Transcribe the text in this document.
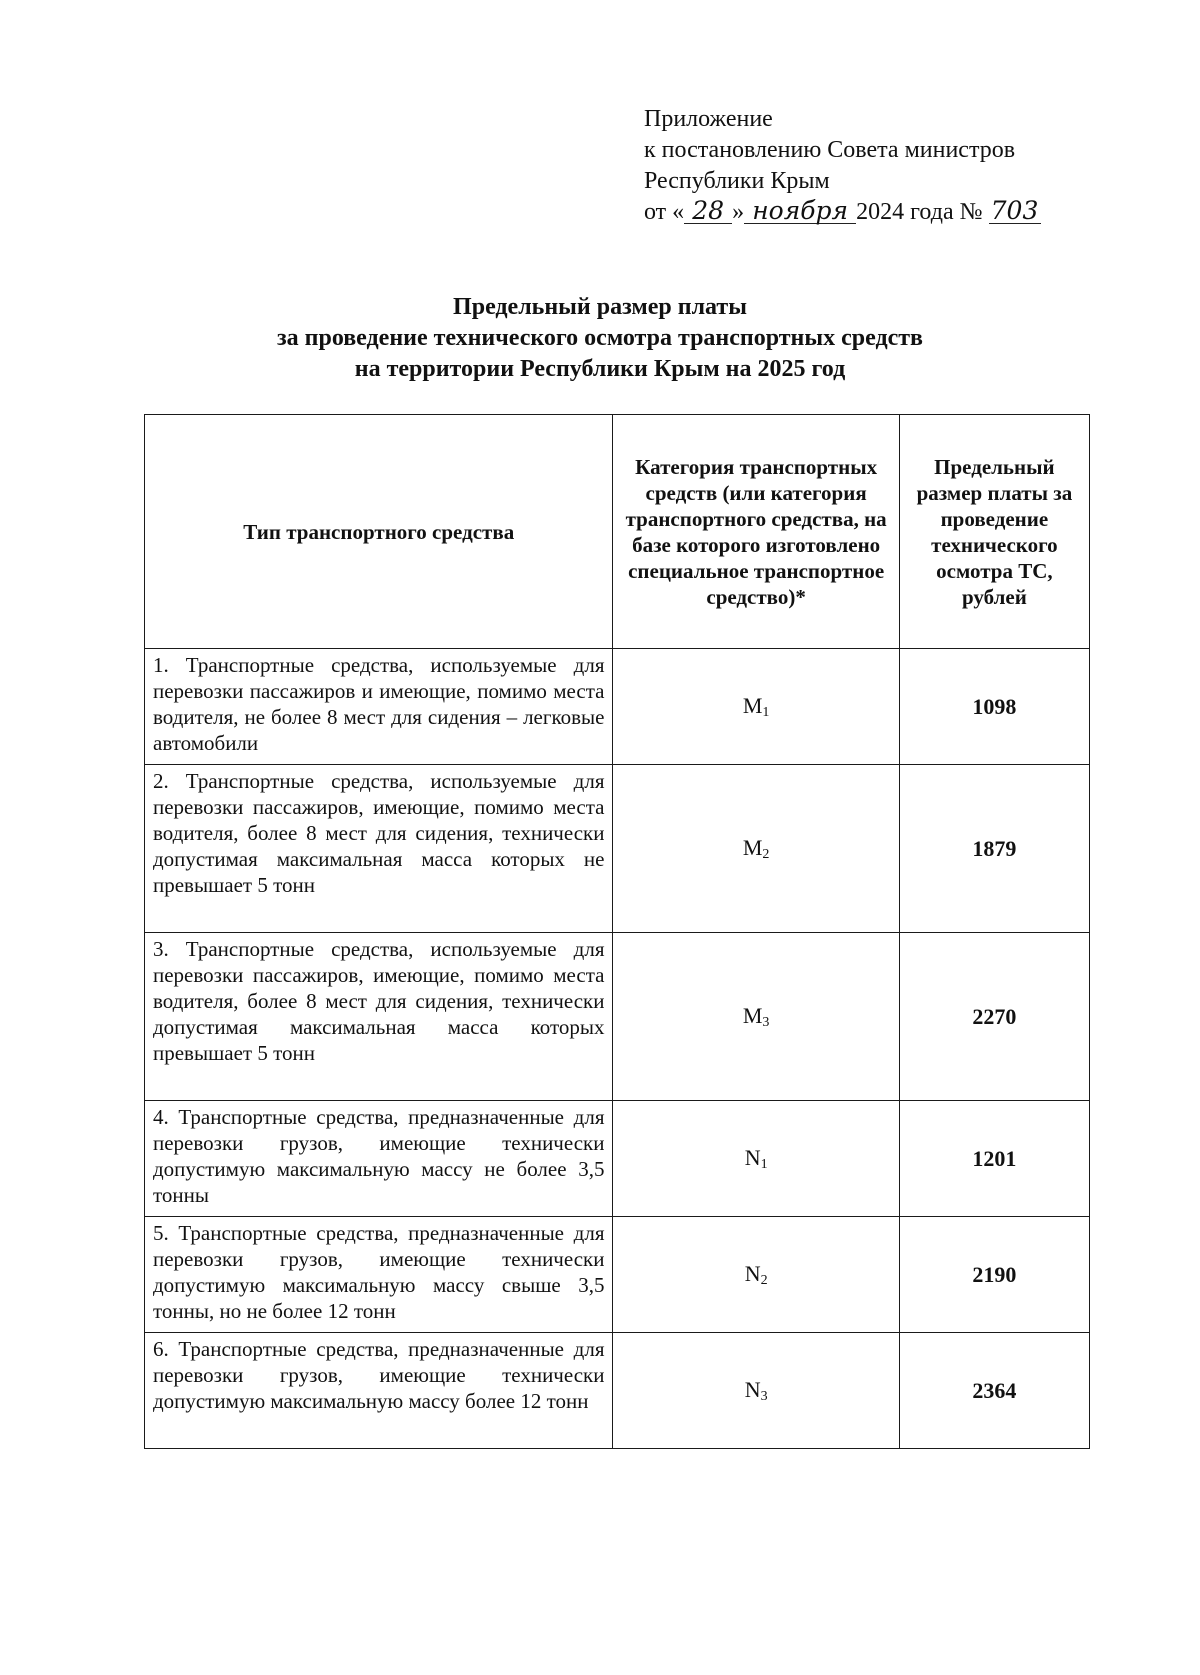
Приложение
к постановлению Совета министров
Республики Крым
от « 28 » ноября 2024 года № 703
Предельный размер платы
за проведение технического осмотра транспортных средств
на территории Республики Крым на 2025 год
Тип транспортного средства	Категория транспортных средств (или категория транспортного средства, на базе которого изготовлено специальное транспортное средство)*	Предельный размер платы за проведение технического осмотра ТС, рублей
1. Транспортные средства, используемые для перевозки пассажиров и имеющие, помимо места водителя, не более 8 мест для сидения – легковые автомобили	$M_1$	1098
2. Транспортные средства, используемые для перевозки пассажиров, имеющие, помимо места водителя, более 8 мест для сидения, технически допустимая максимальная масса которых не превышает 5 тонн	$M_2$	1879
3. Транспортные средства, используемые для перевозки пассажиров, имеющие, помимо места водителя, более 8 мест для сидения, технически допустимая максимальная масса которых превышает 5 тонн	$M_3$	2270
4. Транспортные средства, предназначенные для перевозки грузов, имеющие технически допустимую максимальную массу не более 3,5 тонны	$N_1$	1201
5. Транспортные средства, предназначенные для перевозки грузов, имеющие технически допустимую максимальную массу свыше 3,5 тонны, но не более 12 тонн	$N_2$	2190
6. Транспортные средства, предназначенные для перевозки грузов, имеющие технически допустимую максимальную массу более 12 тонн	$N_3$	2364
